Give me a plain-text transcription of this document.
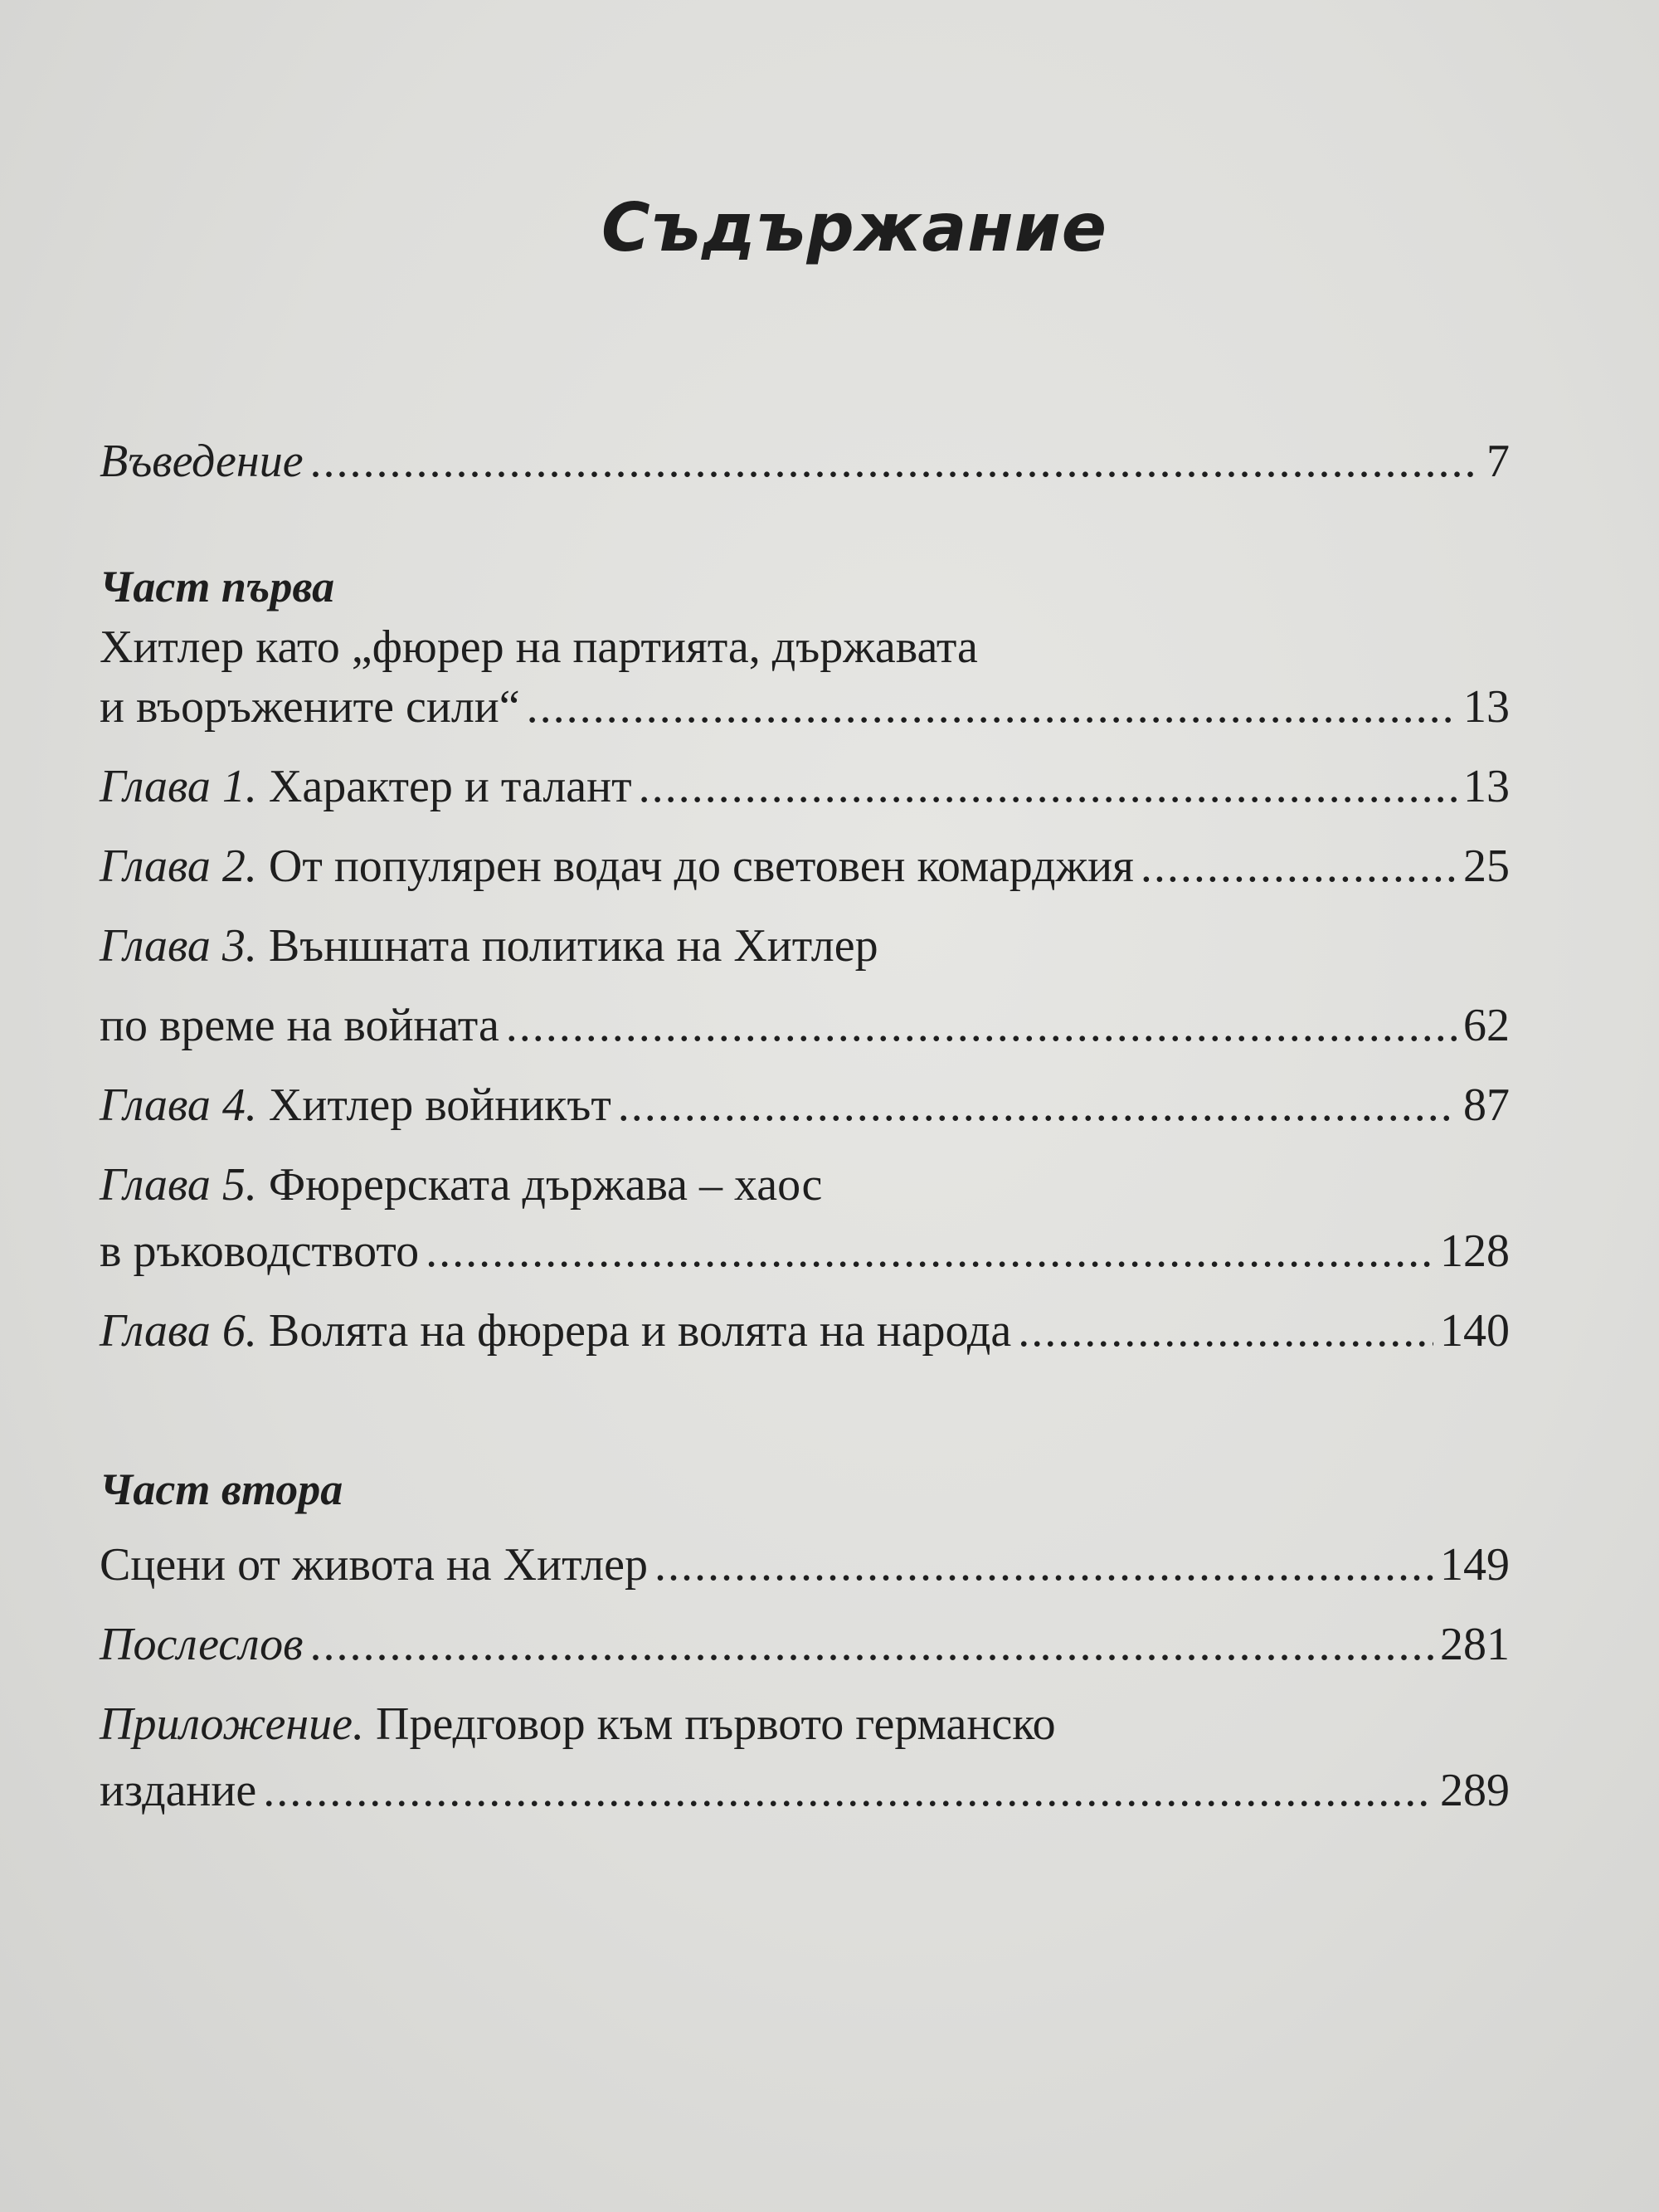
Съдържание
Въведение .....	7
Част първа
Хитлер като „фюрер на партията, държавата
и въоръжените сили“ .....	13
Глава 1. Характер и талант .....	13
Глава 2. От популярен водач до световен комарджия .....	25
Глава 3. Външната политика на Хитлер
по време на войната .....	62
Глава 4. Хитлер войникът .....	87
Глава 5. Фюрерската държава – хаос
в ръководството .....	128
Глава 6. Волята на фюрера и волята на народа .....	140
Част втора
Сцени от живота на Хитлер .....	149
Послеслов .....	281
Приложение. Предговор към първото германско
издание .....	289
